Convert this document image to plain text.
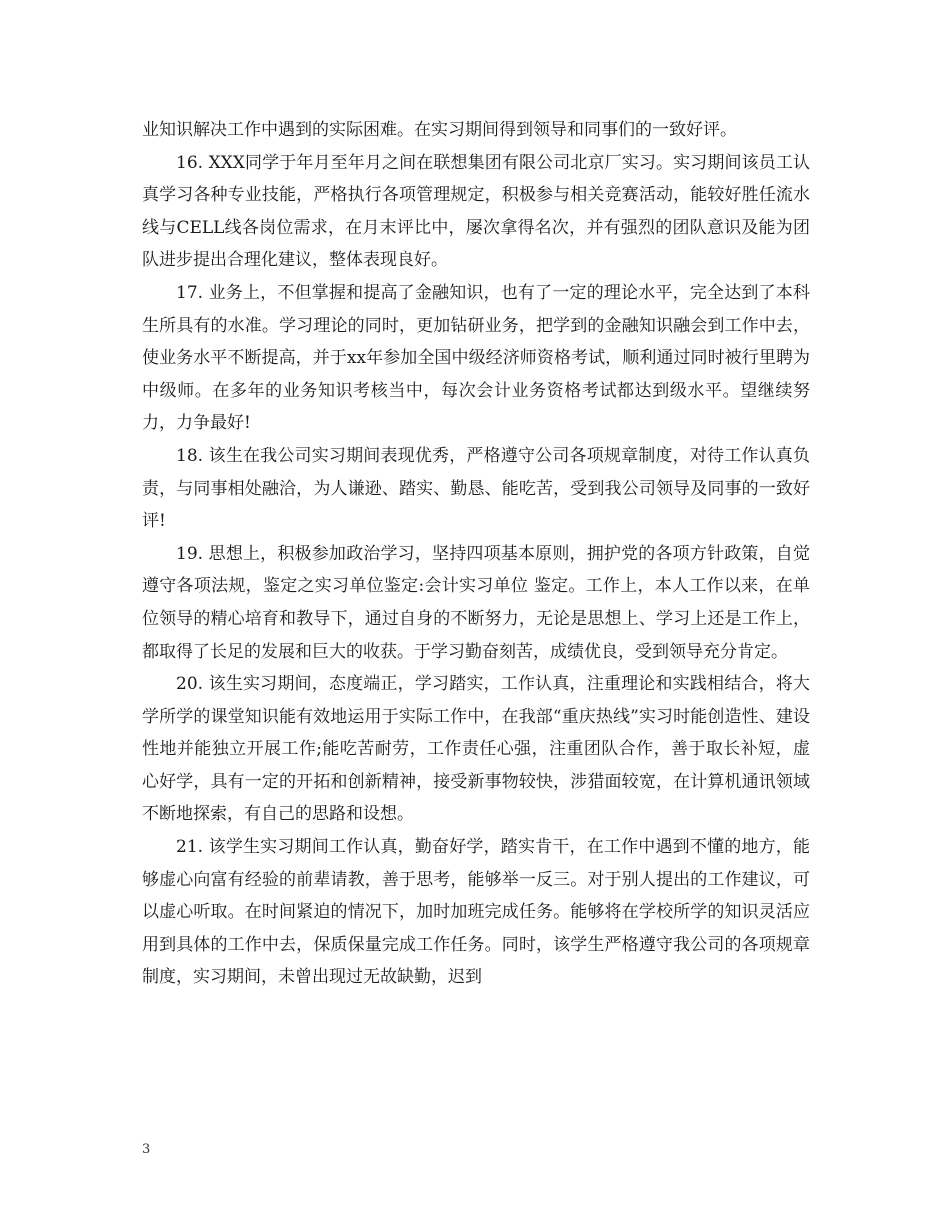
业知识解决工作中遇到的实际困难。在实习期间得到领导和同事们的一致好评。

16. XXX同学于年月至年月之间在联想集团有限公司北京厂实习。实习期间该员工认真学习各种专业技能，严格执行各项管理规定，积极参与相关竞赛活动，能较好胜任流水线与CELL线各岗位需求，在月末评比中，屡次拿得名次，并有强烈的团队意识及能为团队进步提出合理化建议，整体表现良好。

17. 业务上，不但掌握和提高了金融知识，也有了一定的理论水平，完全达到了本科生所具有的水准。学习理论的同时，更加钻研业务，把学到的金融知识融会到工作中去，使业务水平不断提高，并于xx年参加全国中级经济师资格考试，顺利通过同时被行里聘为中级师。在多年的业务知识考核当中，每次会计业务资格考试都达到级水平。望继续努力，力争最好!

18. 该生在我公司实习期间表现优秀，严格遵守公司各项规章制度，对待工作认真负责，与同事相处融洽，为人谦逊、踏实、勤恳、能吃苦，受到我公司领导及同事的一致好评!

19. 思想上，积极参加政治学习，坚持四项基本原则，拥护党的各项方针政策，自觉遵守各项法规，鉴定之实习单位鉴定:会计实习单位 鉴定。工作上，本人工作以来，在单位领导的精心培育和教导下，通过自身的不断努力，无论是思想上、学习上还是工作上，都取得了长足的发展和巨大的收获。于学习勤奋刻苦，成绩优良，受到领导充分肯定。

20. 该生实习期间，态度端正，学习踏实，工作认真，注重理论和实践相结合，将大学所学的课堂知识能有效地运用于实际工作中，在我部“重庆热线”实习时能创造性、建设性地并能独立开展工作;能吃苦耐劳，工作责任心强，注重团队合作，善于取长补短，虚心好学，具有一定的开拓和创新精神，接受新事物较快，涉猎面较宽，在计算机通讯领域不断地探索，有自己的思路和设想。

21. 该学生实习期间工作认真，勤奋好学，踏实肯干，在工作中遇到不懂的地方，能够虚心向富有经验的前辈请教，善于思考，能够举一反三。对于别人提出的工作建议，可以虚心听取。在时间紧迫的情况下，加时加班完成任务。能够将在学校所学的知识灵活应用到具体的工作中去，保质保量完成工作任务。同时，该学生严格遵守我公司的各项规章制度，实习期间，未曾出现过无故缺勤，迟到

3
